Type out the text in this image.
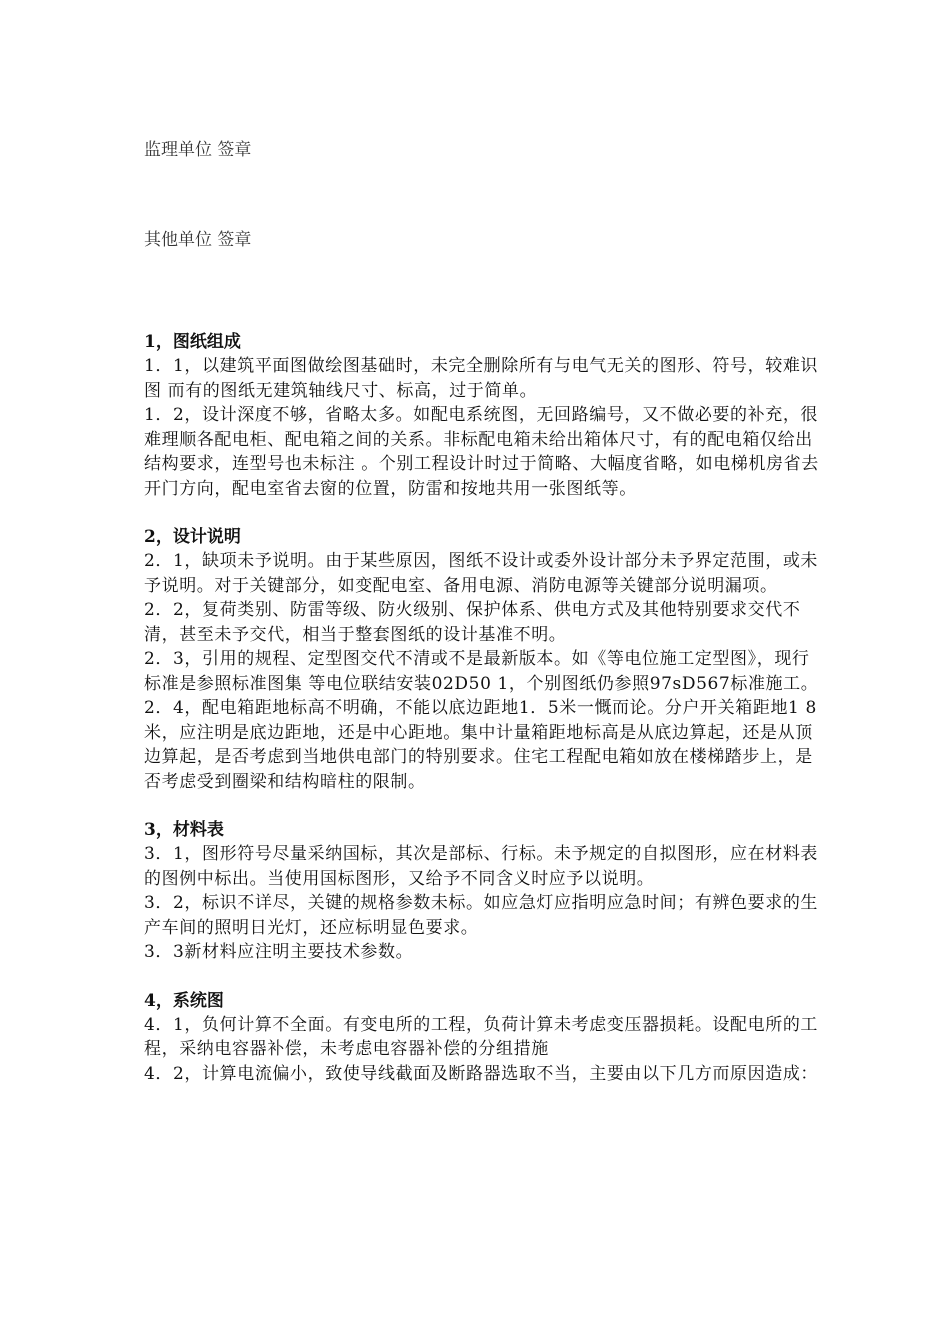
监理单位 签章
其他单位 签章

1，图纸组成

1．1，以建筑平面图做绘图基础时，未完全删除所有与电气无关的图形、符号，较难识图 而有的图纸无建筑轴线尺寸、标高，过于简单。

1．2，设计深度不够，省略太多。如配电系统图，无回路编号，又不做必要的补充，很难理顺各配电柜、配电箱之间的关系。非标配电箱未给出箱体尺寸，有的配电箱仅给出结构要求，连型号也未标注 。个别工程设计时过于简略、大幅度省略，如电梯机房省去开门方向，配电室省去窗的位置，防雷和按地共用一张图纸等。

2，设计说明

2．1，缺项未予说明。由于某些原因，图纸不设计或委外设计部分未予界定范围，或未予说明。对于关键部分，如变配电室、备用电源、消防电源等关键部分说明漏项。

2．2，复荷类别、防雷等级、防火级别、保护体系、供电方式及其他特别要求交代不清，甚至未予交代，相当于整套图纸的设计基准不明。

2．3，引用的规程、定型图交代不清或不是最新版本。如《等电位施工定型图》，现行标准是参照标准图集 等电位联结安装02D50 1，个别图纸仍参照97sD567标准施工。

2．4，配电箱距地标高不明确，不能以底边距地1．5米一慨而论。分户开关箱距地1 8米，应注明是底边距地，还是中心距地。集中计量箱距地标高是从底边算起，还是从顶边算起，是否考虑到当地供电部门的特别要求。住宅工程配电箱如放在楼梯踏步上，是否考虑受到圈梁和结构暗柱的限制。

3，材料表

3．1，图形符号尽量采纳国标，其次是部标、行标。未予规定的自拟图形，应在材料表的图例中标出。当使用国标图形，又给予不同含义时应予以说明。

3．2，标识不详尽，关键的规格参数未标。如应急灯应指明应急时间；有辨色要求的生产车间的照明日光灯，还应标明显色要求。

3．3新材料应注明主要技术参数。

4，系统图

4．1，负何计算不全面。有变电所的工程，负荷计算未考虑变压器损耗。设配电所的工程，采纳电容器补偿，未考虑电容器补偿的分组措施

4．2，计算电流偏小，致使导线截面及断路器选取不当，主要由以下几方而原因造成：
